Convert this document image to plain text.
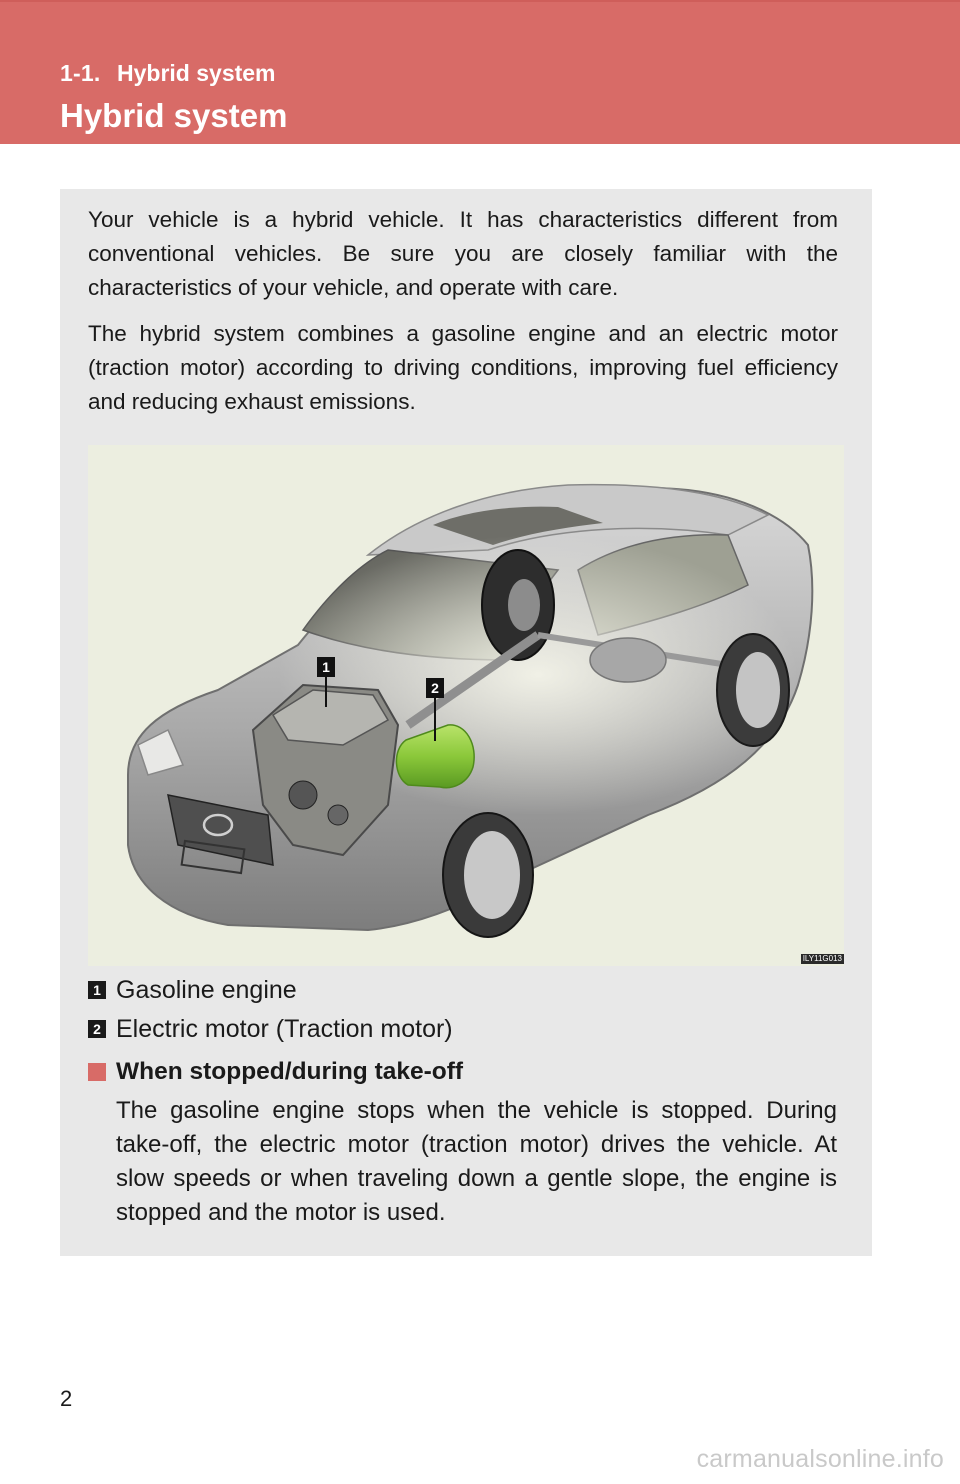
1-1. Hybrid system
Hybrid system

Your vehicle is a hybrid vehicle. It has characteristics different from conventional vehicles. Be sure you are closely familiar with the characteristics of your vehicle, and operate with care.

The hybrid system combines a gasoline engine and an electric motor (traction motor) according to driving conditions, improving fuel efficiency and reducing exhaust emissions.

1
2
ILY11G013
1 Gasoline engine
2 Electric motor (Traction motor)
When stopped/during take-off

The gasoline engine stops when the vehicle is stopped. During take-off, the electric motor (traction motor) drives the vehicle. At slow speeds or when traveling down a gentle slope, the engine is stopped and the motor is used.

2
carmanualsonline.info
